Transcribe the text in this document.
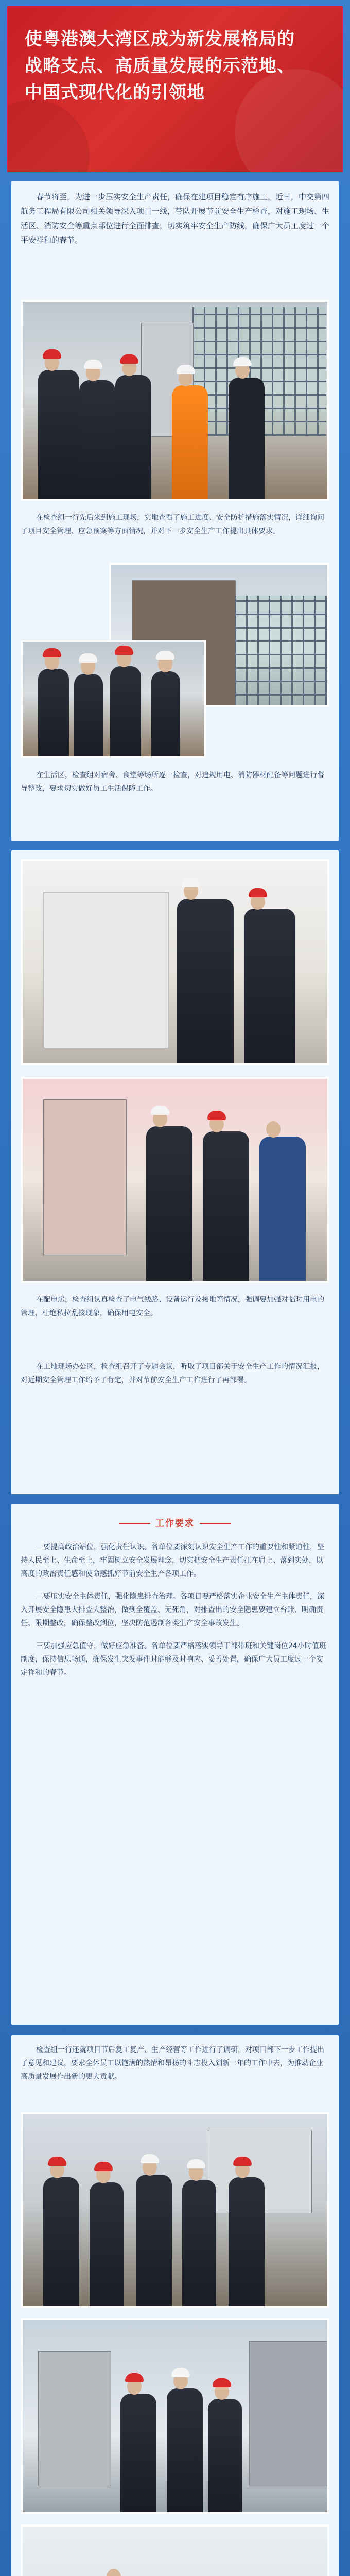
使粤港澳大湾区成为新发展格局的
战略支点、高质量发展的示范地、
中国式现代化的引领地

春节将至，为进一步压实安全生产责任，确保在建项目稳定有序施工，近日，中交第四航务工程局有限公司相关领导深入项目一线，带队开展节前安全生产检查，对施工现场、生活区、消防安全等重点部位进行全面排查，切实筑牢安全生产防线，确保广大员工度过一个平安祥和的春节。

在检查组一行先后来到施工现场，实地查看了施工进度、安全防护措施落实情况，详细询问了项目安全管理、应急预案等方面情况，并对下一步安全生产工作提出具体要求。

在生活区，检查组对宿舍、食堂等场所逐一检查，对违规用电、消防器材配备等问题进行督导整改，要求切实做好员工生活保障工作。

在配电房，检查组认真检查了电气线路、设备运行及接地等情况，强调要加强对临时用电的管理，杜绝私拉乱接现象，确保用电安全。

在工地现场办公区，检查组召开了专题会议，听取了项目部关于安全生产工作的情况汇报，对近期安全管理工作给予了肯定，并对节前安全生产工作进行了再部署。

工作要求

一要提高政治站位，强化责任认识。各单位要深刻认识安全生产工作的重要性和紧迫性，坚持人民至上、生命至上，牢固树立安全发展理念，切实把安全生产责任扛在肩上、落到实处，以高度的政治责任感和使命感抓好节前安全生产各项工作。

二要压实安全主体责任，强化隐患排查治理。各项目要严格落实企业安全生产主体责任，深入开展安全隐患大排查大整治，做到全覆盖、无死角，对排查出的安全隐患要建立台账、明确责任、限期整改，确保整改到位，坚决防范遏制各类生产安全事故发生。

三要加强应急值守，做好应急准备。各单位要严格落实领导干部带班和关键岗位24小时值班制度，保持信息畅通，确保发生突发事件时能够及时响应、妥善处置，确保广大员工度过一个安定祥和的春节。

检查组一行还就项目节后复工复产、生产经营等工作进行了调研，对项目部下一步工作提出了意见和建议，要求全体员工以饱满的热情和昂扬的斗志投入到新一年的工作中去，为推动企业高质量发展作出新的更大贡献。
